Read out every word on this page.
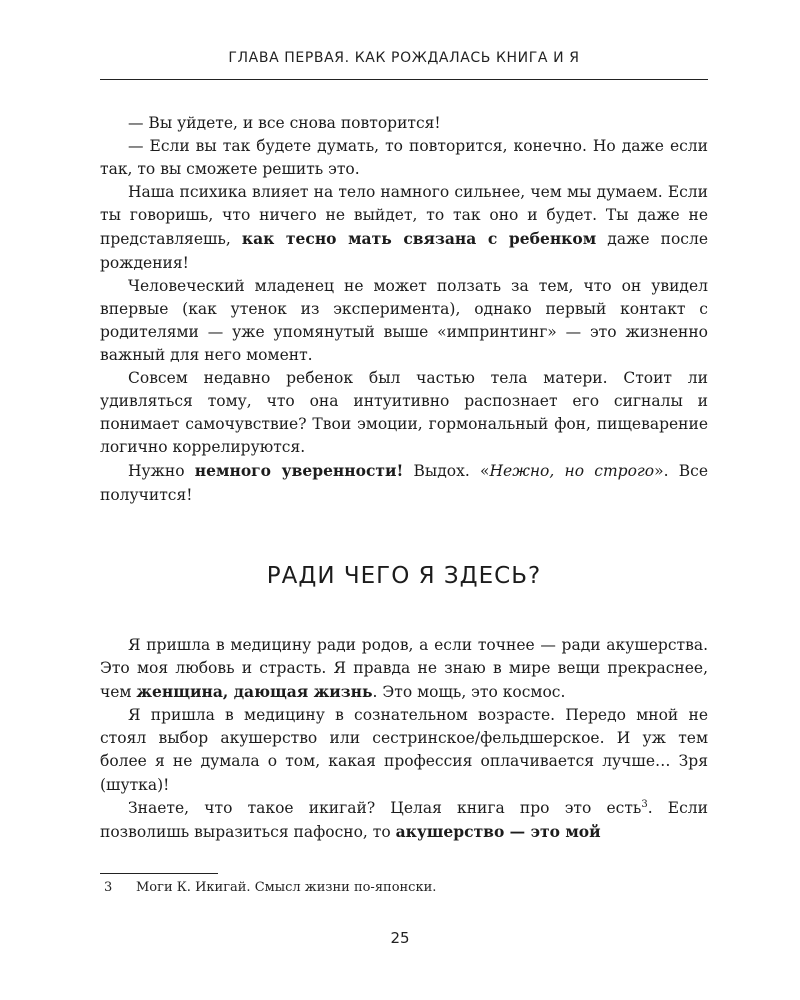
ГЛАВА ПЕРВАЯ. КАК РОЖДАЛАСЬ КНИГА И Я

— Вы уйдете, и все снова повторится!

— Если вы так будете думать, то повторится, конечно. Но даже если так, то вы сможете решить это.

Наша психика влияет на тело намного сильнее, чем мы думаем. Если ты говоришь, что ничего не выйдет, то так оно и будет. Ты даже не представляешь, как тесно мать связана с ребенком даже после рождения!

Человеческий младенец не может ползать за тем, что он увидел впервые (как утенок из эксперимента), однако первый контакт с родителями — уже упомянутый выше «импринтинг» — это жизненно важный для него момент.

Совсем недавно ребенок был частью тела матери. Стоит ли удивляться тому, что она интуитивно распознает его сигналы и понимает самочувствие? Твои эмоции, гормональный фон, пищеварение логично коррелируются.

Нужно немного уверенности! Выдох. «Нежно, но строго». Все получится!

РАДИ ЧЕГО Я ЗДЕСЬ?

Я пришла в медицину ради родов, а если точнее — ради акушерства. Это моя любовь и страсть. Я правда не знаю в мире вещи прекраснее, чем женщина, дающая жизнь. Это мощь, это космос.

Я пришла в медицину в сознательном возрасте. Передо мной не стоял выбор акушерство или сестринское/фельдшерское. И уж тем более я не думала о том, какая профессия оплачивается лучше… Зря (шутка)!

Знаете, что такое икигай? Целая книга про это есть$^3$. Если позволишь выразиться пафосно, то акушерство — это мой

3 Моги К. Икигай. Смысл жизни по-японски.
25
